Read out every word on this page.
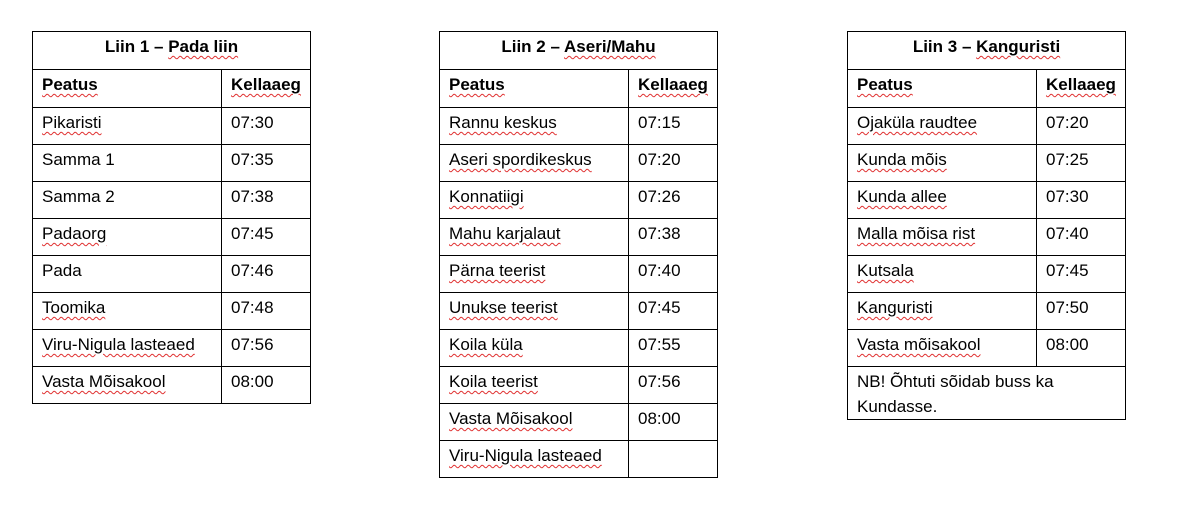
Liin 1 – Pada liin	
Peatus	Kellaaeg
Pikaristi	07:30
Samma 1	07:35
Samma 2	07:38
Padaorg	07:45
Pada	07:46
Toomika	07:48
Viru-Nigula lasteaed	07:56
Vasta Mõisakool	08:00
Liin 2 – Aseri/Mahu	
Peatus	Kellaaeg
Rannu keskus	07:15
Aseri spordikeskus	07:20
Konnatiigi	07:26
Mahu karjalaut	07:38
Pärna teerist	07:40
Unukse teerist	07:45
Koila küla	07:55
Koila teerist	07:56
Vasta Mõisakool	08:00
Viru-Nigula lasteaed	
Liin 3 – Kanguristi	
Peatus	Kellaaeg
Ojaküla raudtee	07:20
Kunda mõis	07:25
Kunda allee	07:30
Malla mõisa rist	07:40
Kutsala	07:45
Kanguristi	07:50
Vasta mõisakool	08:00
NB! Õhtuti sõidab buss ka Kundasse.	
